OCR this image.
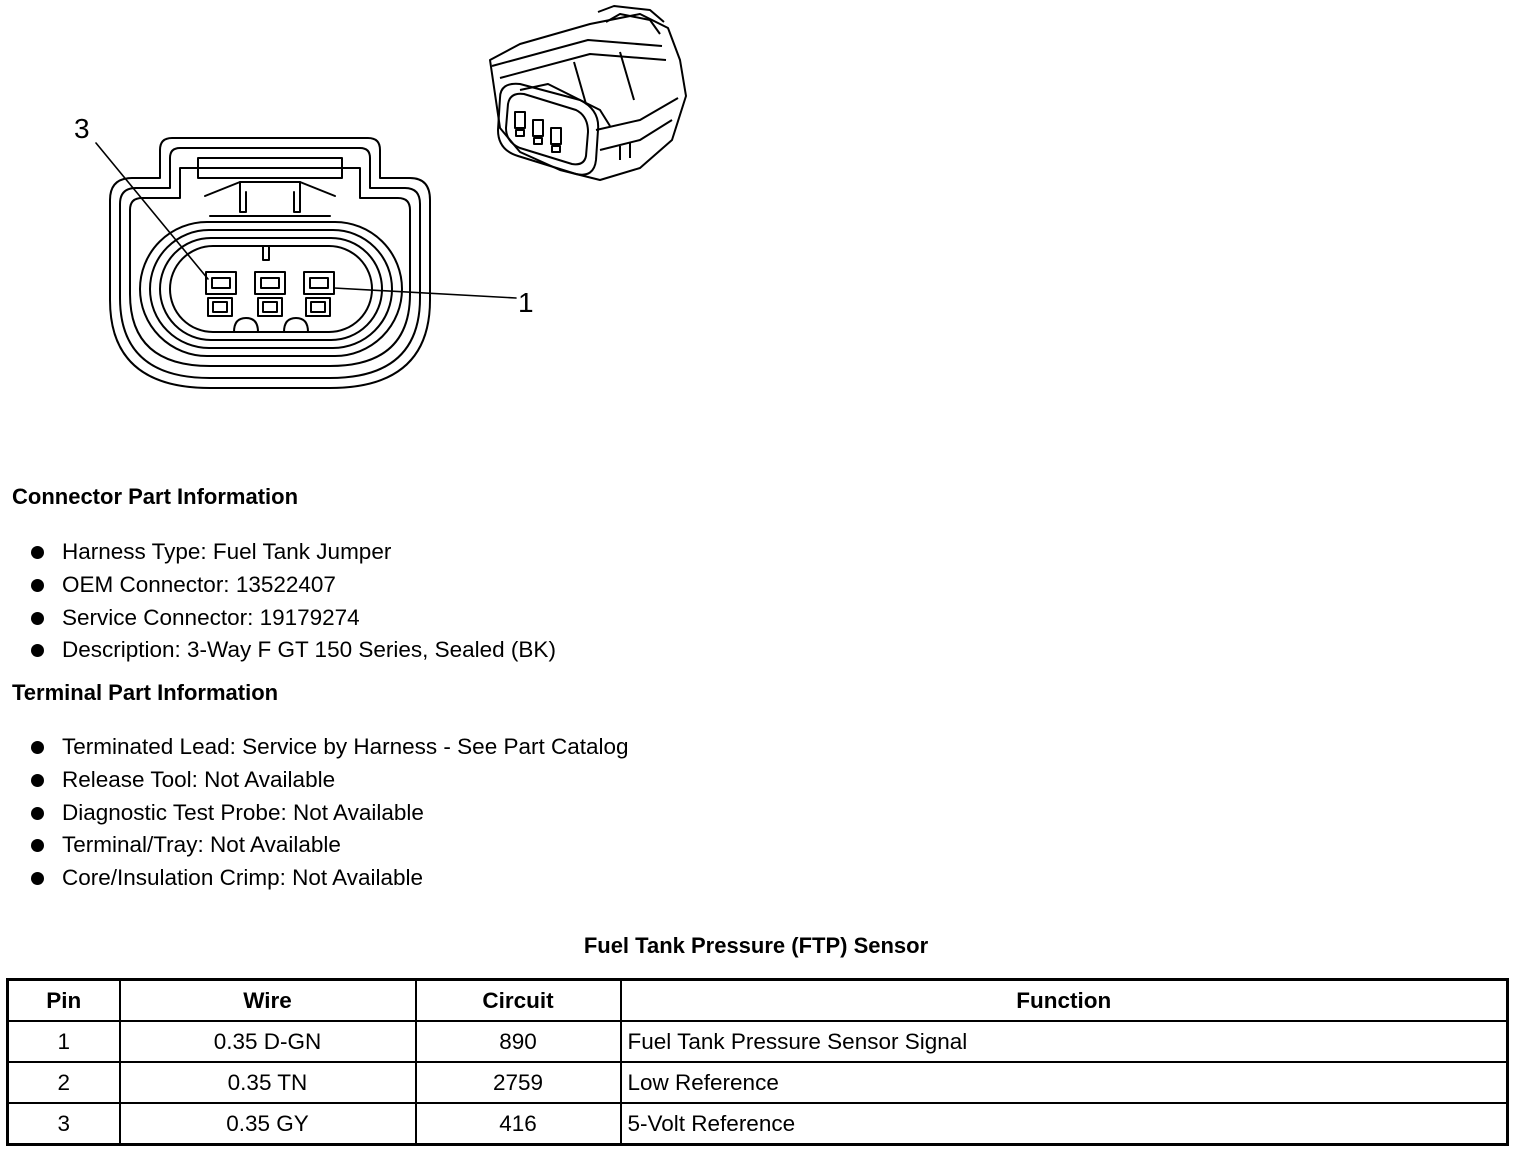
3
1
Connector Part Information
Harness Type: Fuel Tank Jumper
OEM Connector: 13522407
Service Connector: 19179274
Description: 3-Way F GT 150 Series, Sealed (BK)
Terminal Part Information
Terminated Lead: Service by Harness - See Part Catalog
Release Tool: Not Available
Diagnostic Test Probe: Not Available
Terminal/Tray: Not Available
Core/Insulation Crimp: Not Available
Fuel Tank Pressure (FTP) Sensor
Pin	Wire	Circuit	Function
1	0.35 D-GN	890	Fuel Tank Pressure Sensor Signal
2	0.35 TN	2759	Low Reference
3	0.35 GY	416	5-Volt Reference
